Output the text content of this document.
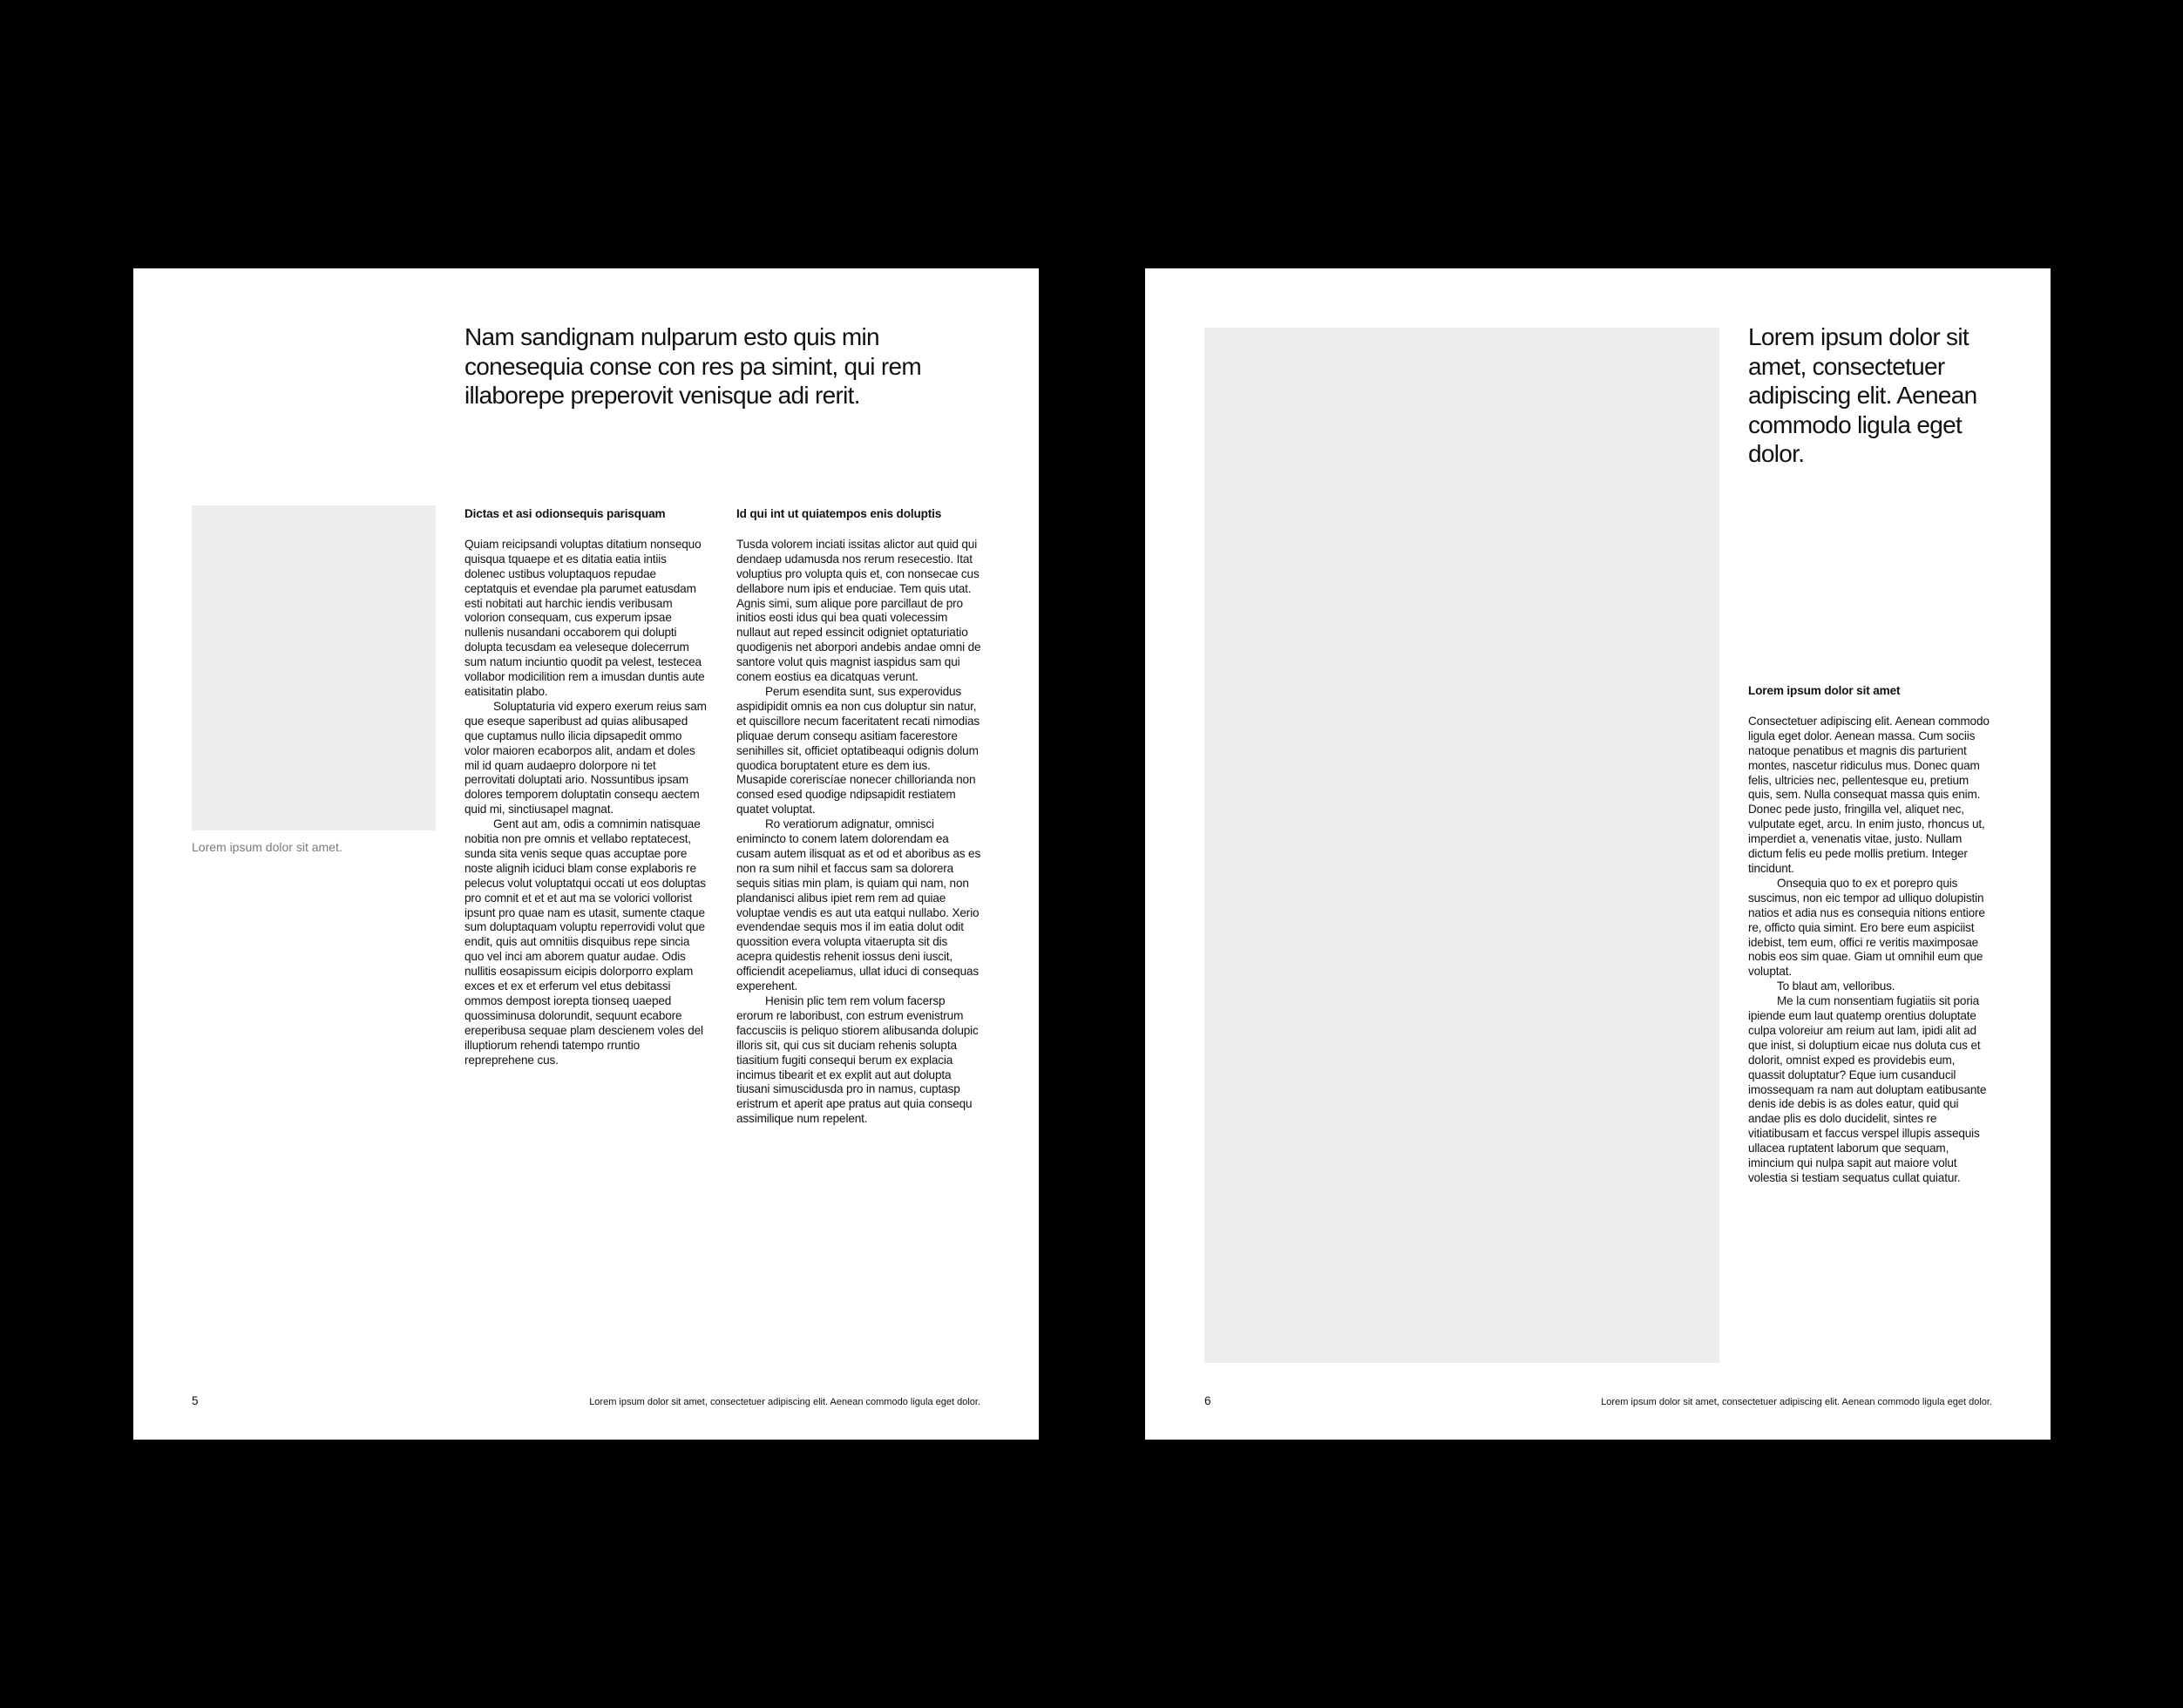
Nam sandignam nulparum esto quis min conesequia conse con res pa simint, qui rem illaborepe preperovit venisque adi rerit.

Lorem ipsum dolor sit amet.

Dictas et asi odionsequis parisquam

Quiam reicipsandi voluptas ditatium nonsequo quisqua tquaepe et es ditatia eatia intiis dolenec ustibus voluptaquos repudae ceptatquis et evendae pla parumet eatusdam esti nobitati aut harchic iendis veribusam volorion consequam, cus experum ipsae nullenis nusandani occaborem qui dolupti dolupta tecusdam ea veleseque dolecerrum sum natum inciuntio quodit pa velest, testecea vollabor modicilition rem a imusdan duntis aute eatisitatin plabo.

Soluptaturia vid expero exerum reius sam que eseque saperibust ad quias alibusaped que cuptamus nullo ilicia dipsapedit ommo volor maioren ecaborpos alit, andam et doles mil id quam audaepro dolorpore ni tet perrovitati doluptati ario. Nossuntibus ipsam dolores temporem doluptatin consequ aectem quid mi, sinctiusapel magnat.

Gent aut am, odis a comnimin natisquae nobitia non pre omnis et vellabo reptatecest, sunda sita venis seque quas accuptae pore noste alignih iciduci blam conse explaboris re pelecus volut voluptatqui occati ut eos doluptas pro comnit et et et aut ma se volorici vollorist ipsunt pro quae nam es utasit, sumente ctaque sum doluptaquam voluptu reperrovidi volut que endit, quis aut omnitiis disquibus repe sincia quo vel inci am aborem quatur audae. Odis nullitis eosapissum eicipis dolorporro explam exces et ex et erferum vel etus debitassi ommos dempost iorepta tionseq uaeped quossiminusa dolorundit, sequunt ecabore ereperibusa sequae plam descienem voles del illuptiorum rehendi tatempo rruntio repreprehene cus.

Id qui int ut quiatempos enis doluptis

Tusda volorem inciati issitas alictor aut quid qui dendaep udamusda nos rerum resecestio. Itat voluptius pro volupta quis et, con nonsecae cus dellabore num ipis et enduciae. Tem quis utat. Agnis simi, sum alique pore parcillaut de pro initios eosti idus qui bea quati volecessim nullaut aut reped essincit odigniet optaturiatio quodigenis net aborpori andebis andae omni de santore volut quis magnist iaspidus sam qui conem eostius ea dicatquas verunt.

Perum esendita sunt, sus experovidus aspidipidit omnis ea non cus doluptur sin natur, et quiscillore necum faceritatent recati nimodias pliquae derum consequ asitiam facerestore senihilles sit, officiet optatibeaqui odignis dolum quodica boruptatent eture es dem ius. Musapide coreriscíae nonecer chillorianda non consed esed quodige ndipsapidit restiatem quatet voluptat.

Ro veratiorum adignatur, omnisci enimincto to conem latem dolorendam ea cusam autem ilisquat as et od et aboribus as es non ra sum nihil et faccus sam sa dolorera sequis sitias min plam, is quiam qui nam, non plandanisci alibus ipiet rem rem ad quiae voluptae vendis es aut uta eatqui nullabo. Xerio evendendae sequis mos il im eatia dolut odit quossition evera volupta vitaerupta sit dis acepra quidestis rehenit iossus deni iuscit, officiendit acepeliamus, ullat iduci di consequas experehent.

Henisin plic tem rem volum facersp erorum re laboribust, con estrum evenistrum faccusciis is peliquo stiorem alibusanda dolupic illoris sit, qui cus sit duciam rehenis solupta tiasitium fugiti consequi berum ex explacia incimus tibearit et ex explit aut aut dolupta tiusani simuscidusda pro in namus, cuptasp eristrum et aperit ape pratus aut quia consequ assimilique num repelent.

5	Lorem ipsum dolor sit amet, consectetuer adipiscing elit. Aenean commodo ligula eget dolor.

Lorem ipsum dolor sit amet, consectetuer adipiscing elit. Aenean commodo ligula eget dolor.
Lorem ipsum dolor sit amet

Consectetuer adipiscing elit. Aenean commodo ligula eget dolor. Aenean massa. Cum sociis natoque penatibus et magnis dis parturient montes, nascetur ridiculus mus. Donec quam felis, ultricies nec, pellentesque eu, pretium quis, sem. Nulla consequat massa quis enim. Donec pede justo, fringilla vel, aliquet nec, vulputate eget, arcu. In enim justo, rhoncus ut, imperdiet a, venenatis vitae, justo. Nullam dictum felis eu pede mollis pretium. Integer tincidunt.

Onsequia quo to ex et porepro quis suscimus, non eic tempor ad ulliquo dolupistin natios et adia nus es consequia nitions entiore re, officto quia simint. Ero bere eum aspiciist idebist, tem eum, offici re veritis maximposae nobis eos sim quae. Giam ut omnihil eum que voluptat.

To blaut am, velloribus.

Me la cum nonsentiam fugiatiis sit poria ipiende eum laut quatemp orentius doluptate culpa voloreiur am reium aut lam, ipidi alit ad que inist, si doluptium eicae nus doluta cus et dolorit, omnist exped es providebis eum, quassit doluptatur? Eque ium cusanducil imossequam ra nam aut doluptam eatibusante denis ide debis is as doles eatur, quid qui andae plis es dolo ducidelit, sintes re vitiatibusam et faccus verspel illupis assequis ullacea ruptatent laborum que sequam, imincium qui nulpa sapit aut maiore volut volestia si testiam sequatus cullat quiatur.

6	Lorem ipsum dolor sit amet, consectetuer adipiscing elit. Aenean commodo ligula eget dolor.
